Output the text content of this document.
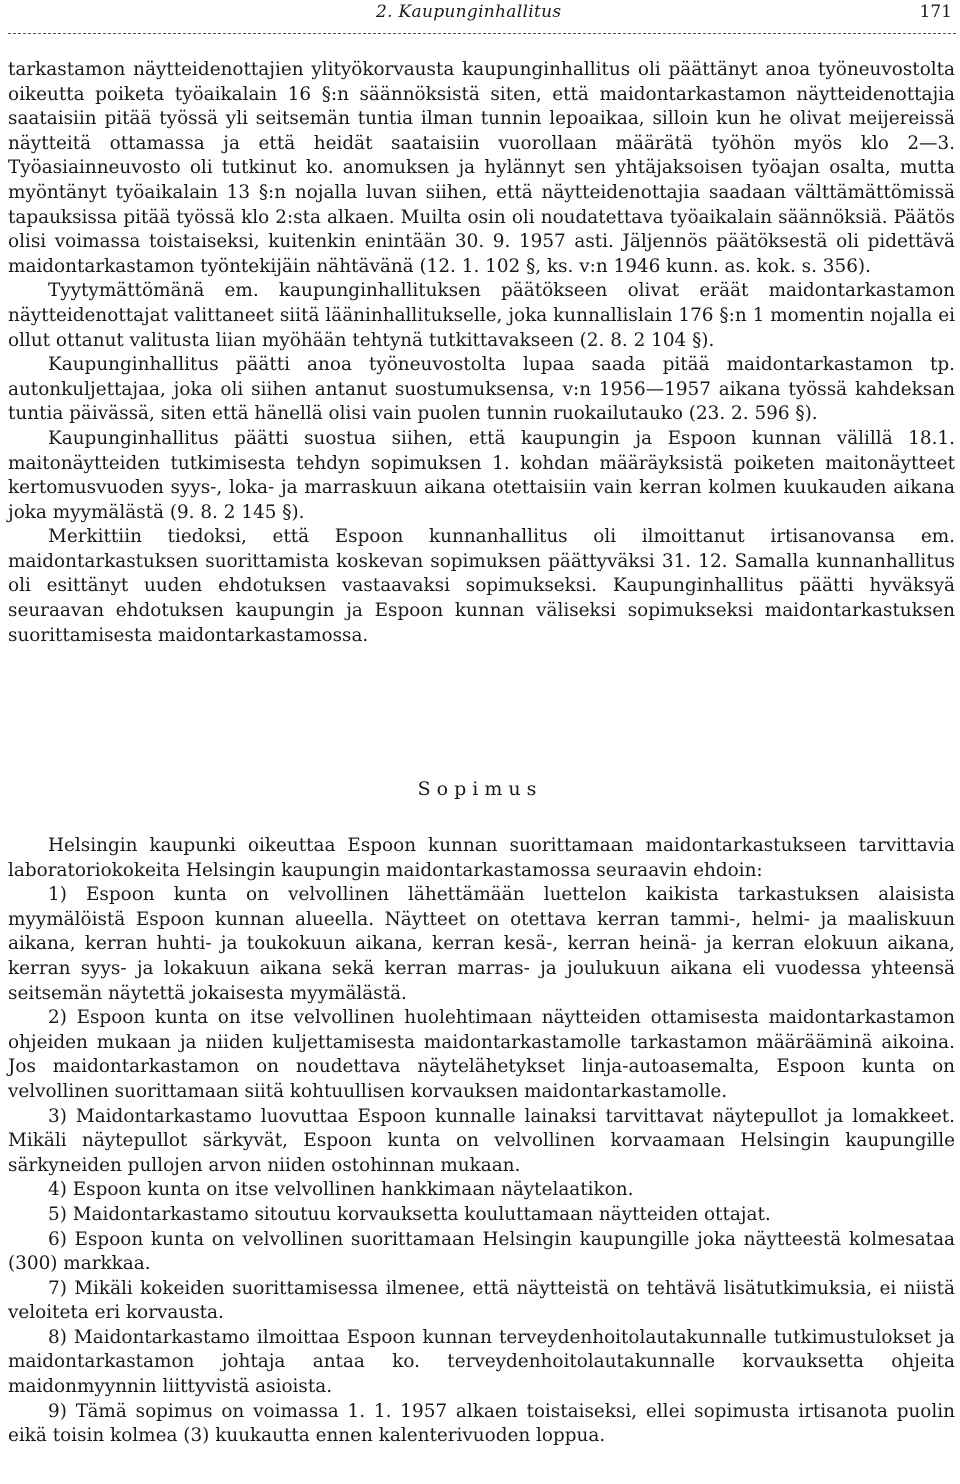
2. Kaupunginhallitus	171

tarkastamon näytteidenottajien ylityökorvausta kaupunginhallitus oli päättänyt anoa työneuvostolta oikeutta poiketa työaikalain 16 §:n säännöksistä siten, että maidontarkastamon näytteidenottajia saataisiin pitää työssä yli seitsemän tuntia ilman tunnin lepoaikaa, silloin kun he olivat meijereissä näytteitä ottamassa ja että heidät saataisiin vuorollaan määrätä työhön myös klo 2—3. Työasiainneuvosto oli tutkinut ko. anomuksen ja hylännyt sen yhtäjaksoisen työajan osalta, mutta myöntänyt työaikalain 13 §:n nojalla luvan siihen, että näytteidenottajia saadaan välttämättömissä tapauksissa pitää työssä klo 2:sta alkaen. Muilta osin oli noudatettava työaikalain säännöksiä. Päätös olisi voimassa toistaiseksi, kuitenkin enintään 30. 9. 1957 asti. Jäljennös päätöksestä oli pidettävä maidontarkastamon työntekijäin nähtävänä (12. 1. 102 §, ks. v:n 1946 kunn. as. kok. s. 356).

Tyytymättömänä em. kaupunginhallituksen päätökseen olivat eräät maidontarkastamon näytteidenottajat valittaneet siitä lääninhallitukselle, joka kunnallislain 176 §:n 1 momentin nojalla ei ollut ottanut valitusta liian myöhään tehtynä tutkittavakseen (2. 8. 2 104 §).

Kaupunginhallitus päätti anoa työneuvostolta lupaa saada pitää maidontarkastamon tp. autonkuljettajaa, joka oli siihen antanut suostumuksensa, v:n 1956—1957 aikana työssä kahdeksan tuntia päivässä, siten että hänellä olisi vain puolen tunnin ruokailutauko (23. 2. 596 §).

Kaupunginhallitus päätti suostua siihen, että kaupungin ja Espoon kunnan välillä 18.1. maitonäytteiden tutkimisesta tehdyn sopimuksen 1. kohdan määräyksistä poiketen maitonäytteet kertomusvuoden syys-, loka- ja marraskuun aikana otettaisiin vain kerran kolmen kuukauden aikana joka myymälästä (9. 8. 2 145 §).

Merkittiin tiedoksi, että Espoon kunnanhallitus oli ilmoittanut irtisanovansa em. maidontarkastuksen suorittamista koskevan sopimuksen päättyväksi 31. 12. Samalla kunnanhallitus oli esittänyt uuden ehdotuksen vastaavaksi sopimukseksi. Kaupunginhallitus päätti hyväksyä seuraavan ehdotuksen kaupungin ja Espoon kunnan väliseksi sopimukseksi maidontarkastuksen suorittamisesta maidontarkastamossa.

Sopimus

Helsingin kaupunki oikeuttaa Espoon kunnan suorittamaan maidontarkastukseen tarvittavia laboratoriokokeita Helsingin kaupungin maidontarkastamossa seuraavin ehdoin:

1) Espoon kunta on velvollinen lähettämään luettelon kaikista tarkastuksen alaisista myymälöistä Espoon kunnan alueella. Näytteet on otettava kerran tammi-, helmi- ja maaliskuun aikana, kerran huhti- ja toukokuun aikana, kerran kesä-, kerran heinä- ja kerran elokuun aikana, kerran syys- ja lokakuun aikana sekä kerran marras- ja joulukuun aikana eli vuodessa yhteensä seitsemän näytettä jokaisesta myymälästä.

2) Espoon kunta on itse velvollinen huolehtimaan näytteiden ottamisesta maidontarkastamon ohjeiden mukaan ja niiden kuljettamisesta maidontarkastamolle tarkastamon määrääminä aikoina. Jos maidontarkastamon on noudettava näytelähetykset linja-autoasemalta, Espoon kunta on velvollinen suorittamaan siitä kohtuullisen korvauksen maidontarkastamolle.

3) Maidontarkastamo luovuttaa Espoon kunnalle lainaksi tarvittavat näytepullot ja lomakkeet. Mikäli näytepullot särkyvät, Espoon kunta on velvollinen korvaamaan Helsingin kaupungille särkyneiden pullojen arvon niiden ostohinnan mukaan.

4) Espoon kunta on itse velvollinen hankkimaan näytelaatikon.

5) Maidontarkastamo sitoutuu korvauksetta kouluttamaan näytteiden ottajat.

6) Espoon kunta on velvollinen suorittamaan Helsingin kaupungille joka näytteestä kolmesataa (300) markkaa.

7) Mikäli kokeiden suorittamisessa ilmenee, että näytteistä on tehtävä lisätutkimuksia, ei niistä veloiteta eri korvausta.

8) Maidontarkastamo ilmoittaa Espoon kunnan terveydenhoitolautakunnalle tutkimustulokset ja maidontarkastamon johtaja antaa ko. terveydenhoitolautakunnalle korvauksetta ohjeita maidonmyynnin liittyvistä asioista.

9) Tämä sopimus on voimassa 1. 1. 1957 alkaen toistaiseksi, ellei sopimusta irtisanota puolin eikä toisin kolmea (3) kuukautta ennen kalenterivuoden loppua.
